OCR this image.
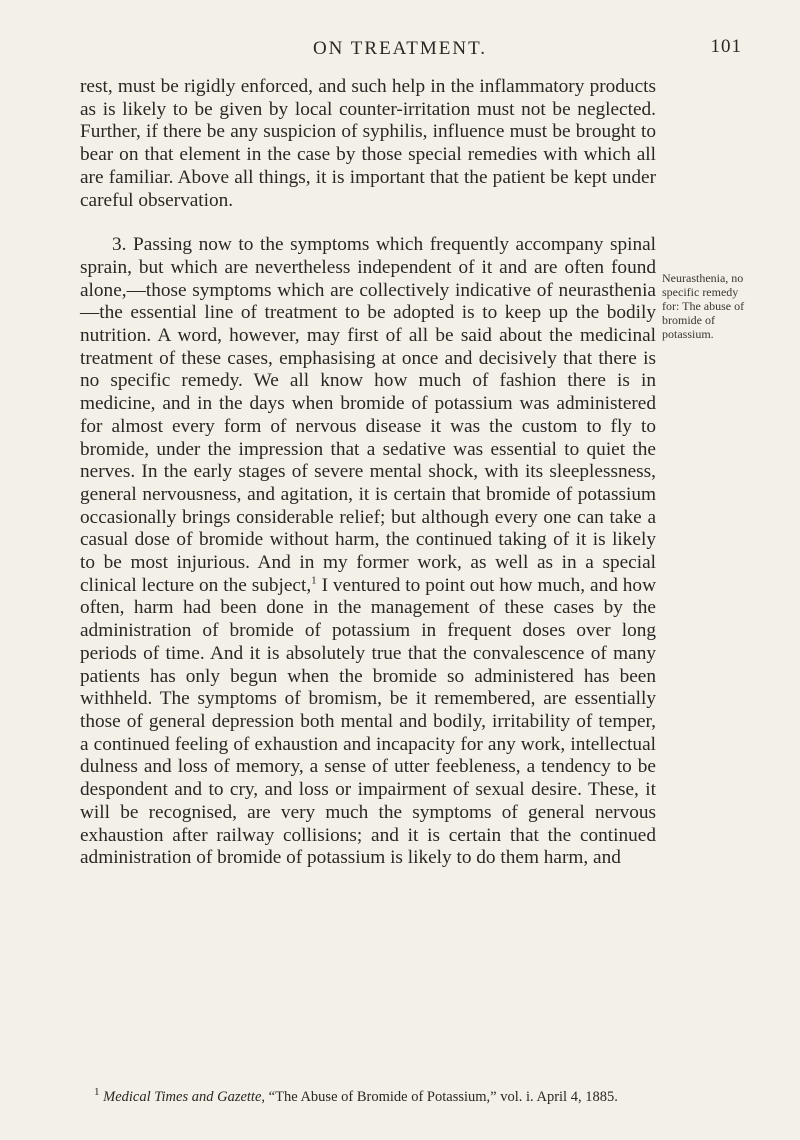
ON TREATMENT.	101

rest, must be rigidly enforced, and such help in the inflammatory products as is likely to be given by local counter-irritation must not be neglected. Further, if there be any suspicion of syphilis, influence must be brought to bear on that element in the case by those special remedies with which all are familiar. Above all things, it is important that the patient be kept under careful observation.

3. Passing now to the symptoms which frequently accompany spinal sprain, but which are nevertheless independent of it and are often found alone,—those symptoms which are collectively indicative of neurasthenia—the essential line of treatment to be adopted is to keep up the bodily nutrition. A word, however, may first of all be said about the medicinal treatment of these cases, emphasising at once and decisively that there is no specific remedy. We all know how much of fashion there is in medicine, and in the days when bromide of potassium was administered for almost every form of nervous disease it was the custom to fly to bromide, under the impression that a sedative was essential to quiet the nerves. In the early stages of severe mental shock, with its sleeplessness, general nervousness, and agitation, it is certain that bromide of potassium occasionally brings considerable relief; but although every one can take a casual dose of bromide without harm, the continued taking of it is likely to be most injurious. And in my former work, as well as in a special clinical lecture on the subject,$^1$ I ventured to point out how much, and how often, harm had been done in the management of these cases by the administration of bromide of potassium in frequent doses over long periods of time. And it is absolutely true that the convalescence of many patients has only begun when the bromide so administered has been withheld. The symptoms of bromism, be it remembered, are essentially those of general depression both mental and bodily, irritability of temper, a continued feeling of exhaustion and incapacity for any work, intellectual dulness and loss of memory, a sense of utter feebleness, a tendency to be despondent and to cry, and loss or impairment of sexual desire. These, it will be recognised, are very much the symptoms of general nervous exhaustion after railway collisions; and it is certain that the continued administration of bromide of potassium is likely to do them harm, and

Neurasthenia, no specific remedy for: The abuse of bromide of potassium.
$^1$ Medical Times and Gazette, “The Abuse of Bromide of Potassium,” vol. i. April 4, 1885.
